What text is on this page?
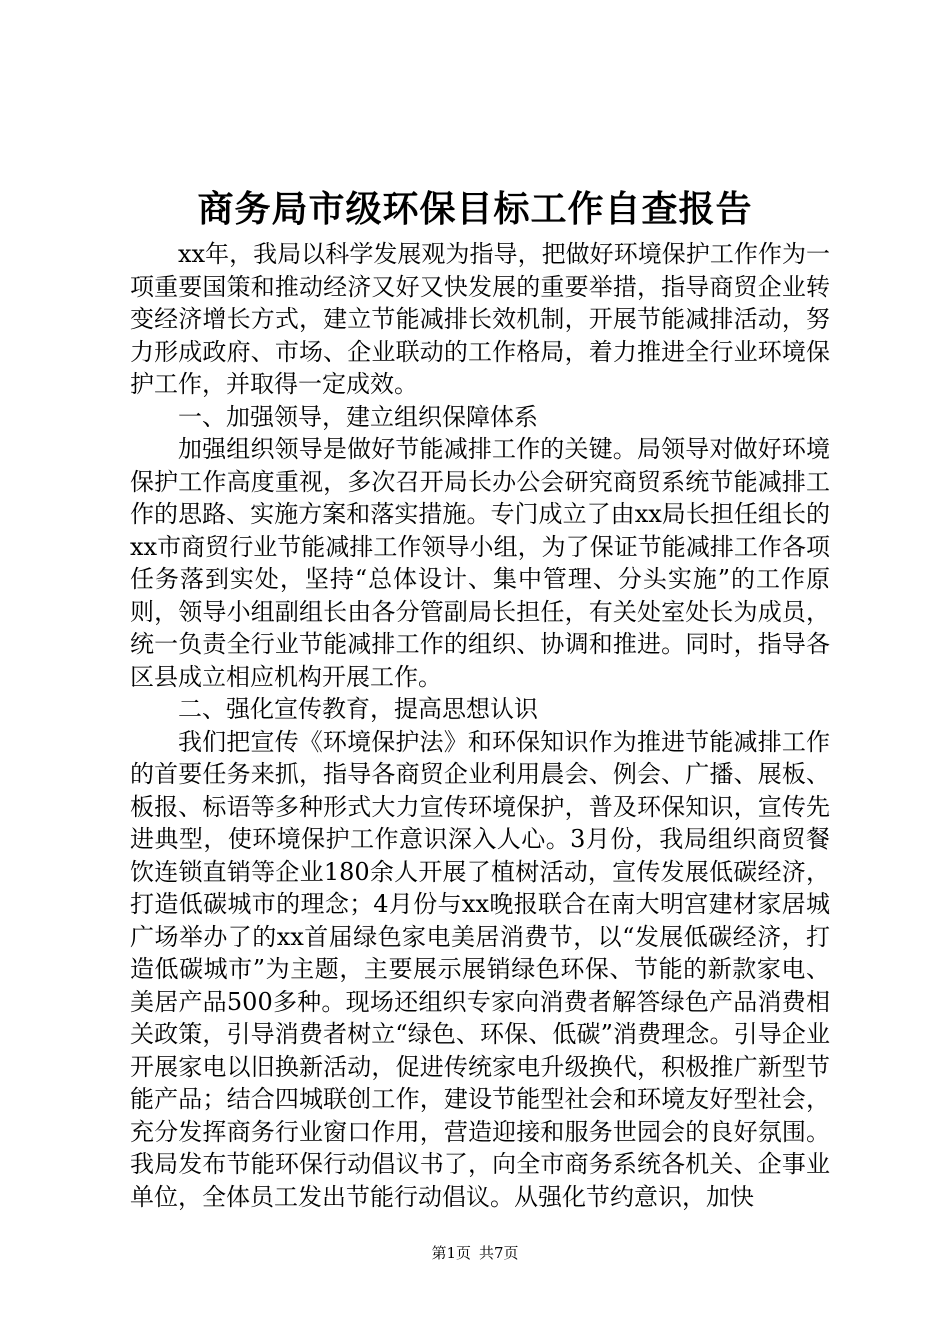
商务局市级环保目标工作自查报告

xx年，我局以科学发展观为指导，把做好环境保护工作作为一项重要国策和推动经济又好又快发展的重要举措，指导商贸企业转变经济增长方式，建立节能减排长效机制，开展节能减排活动，努力形成政府、市场、企业联动的工作格局，着力推进全行业环境保护工作，并取得一定成效。

一、加强领导，建立组织保障体系

加强组织领导是做好节能减排工作的关键。局领导对做好环境保护工作高度重视，多次召开局长办公会研究商贸系统节能减排工作的思路、实施方案和落实措施。专门成立了由xx局长担任组长的xx市商贸行业节能减排工作领导小组，为了保证节能减排工作各项任务落到实处，坚持“总体设计、集中管理、分头实施”的工作原则，领导小组副组长由各分管副局长担任，有关处室处长为成员，统一负责全行业节能减排工作的组织、协调和推进。同时，指导各区县成立相应机构开展工作。

二、强化宣传教育，提高思想认识

我们把宣传《环境保护法》和环保知识作为推进节能减排工作的首要任务来抓，指导各商贸企业利用晨会、例会、广播、展板、板报、标语等多种形式大力宣传环境保护，普及环保知识，宣传先进典型，使环境保护工作意识深入人心。3月份，我局组织商贸餐饮连锁直销等企业180余人开展了植树活动，宣传发展低碳经济，打造低碳城市的理念；4月份与xx晚报联合在南大明宫建材家居城广场举办了的xx首届绿色家电美居消费节，以“发展低碳经济，打造低碳城市”为主题，主要展示展销绿色环保、节能的新款家电、美居产品500多种。现场还组织专家向消费者解答绿色产品消费相关政策，引导消费者树立“绿色、环保、低碳”消费理念。引导企业开展家电以旧换新活动，促进传统家电升级换代，积极推广新型节能产品；结合四城联创工作，建设节能型社会和环境友好型社会，充分发挥商务行业窗口作用，营造迎接和服务世园会的良好氛围。我局发布节能环保行动倡议书了，向全市商务系统各机关、企事业单位，全体员工发出节能行动倡议。从强化节约意识，加快

第1页 共7页
